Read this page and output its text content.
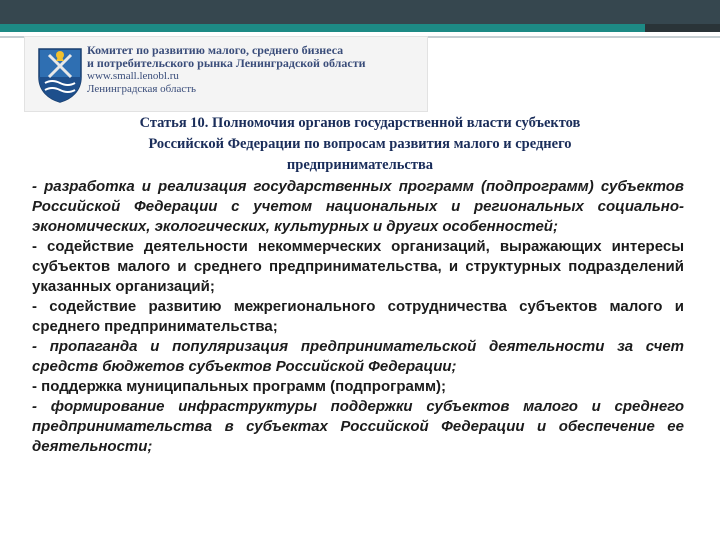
Комитет по развитию малого, среднего бизнеса
и потребительского рынка Ленинградской области
www.small.lenobl.ru
Ленинградская область
Статья 10. Полномочия органов государственной власти субъектов
Российской Федерации по вопросам развития малого и среднего
предпринимательства

- разработка и реализация государственных программ (подпрограмм) субъектов Российской Федерации с учетом национальных и региональных социально-экономических, экологических, культурных и других особенностей;

- содействие деятельности некоммерческих организаций, выражающих интересы субъектов малого и среднего предпринимательства, и структурных подразделений указанных организаций;

- содействие развитию межрегионального сотрудничества субъектов малого и среднего предпринимательства;

- пропаганда и популяризация предпринимательской деятельности за счет средств бюджетов субъектов Российской Федерации;

- поддержка муниципальных программ (подпрограмм);

- формирование инфраструктуры поддержки субъектов малого и среднего предпринимательства в субъектах Российской Федерации и обеспечение ее деятельности;
